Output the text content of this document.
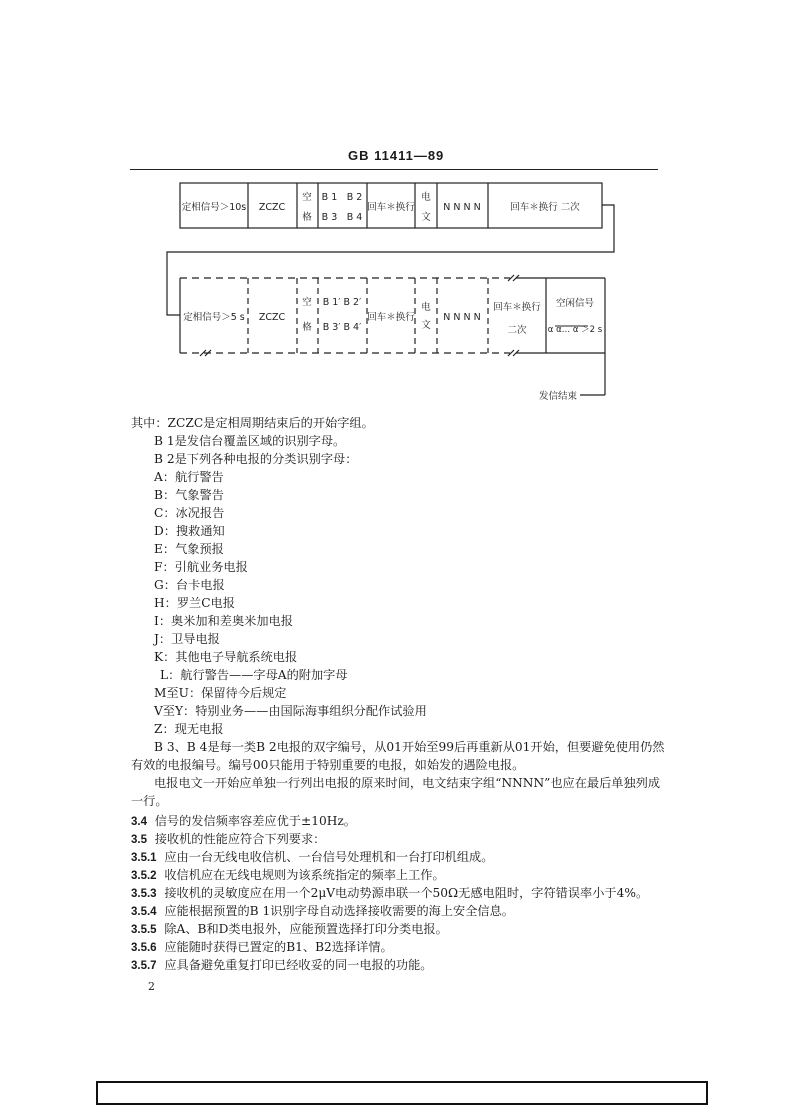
GB 11411—89
定相信号＞10s ZCZC
空
格
B 1　B 2
B 3　B 4
回车＊换行
电
文
N N N N	回车＊换行 二次
定相信号＞5 s ZCZC
空
格
B 1′ B 2′
B 3′ B 4′
回车＊换行
电
文
N N N N
回车＊换行
二次
空闲信号
α α… α ＞2 s
发信结束
其中：ZCZC是定相周期结束后的开始字组。
B 1是发信台覆盖区域的识别字母。
B 2是下列各种电报的分类识别字母：
A：航行警告
B：气象警告
C：冰况报告
D：搜救通知
E：气象预报
F：引航业务电报
G：台卡电报
H：罗兰C电报
I：奥米加和差奥米加电报
J：卫导电报
K：其他电子导航系统电报
L：航行警告——字母A的附加字母
M至U：保留待今后规定
V至Y：特别业务——由国际海事组织分配作试验用
Z：现无电报
B 3、B 4是每一类B 2电报的双字编号，从01开始至99后再重新从01开始，但要避免使用仍然
有效的电报编号。编号00只能用于特别重要的电报，如始发的遇险电报。
电报电文一开始应单独一行列出电报的原来时间，电文结束字组“NNNN”也应在最后单独列成
一行。
3.4 信号的发信频率容差应优于±10Hz。
3.5 接收机的性能应符合下列要求：
3.5.1 应由一台无线电收信机、一台信号处理机和一台打印机组成。
3.5.2 收信机应在无线电规则为该系统指定的频率上工作。
3.5.3 接收机的灵敏度应在用一个2μV电动势源串联一个50Ω无感电阻时，字符错误率小于4%。
3.5.4 应能根据预置的B 1识别字母自动选择接收需要的海上安全信息。
3.5.5 除A、B和D类电报外，应能预置选择打印分类电报。
3.5.6 应能随时获得已置定的B1、B2选择详情。
3.5.7 应具备避免重复打印已经收妥的同一电报的功能。
2
